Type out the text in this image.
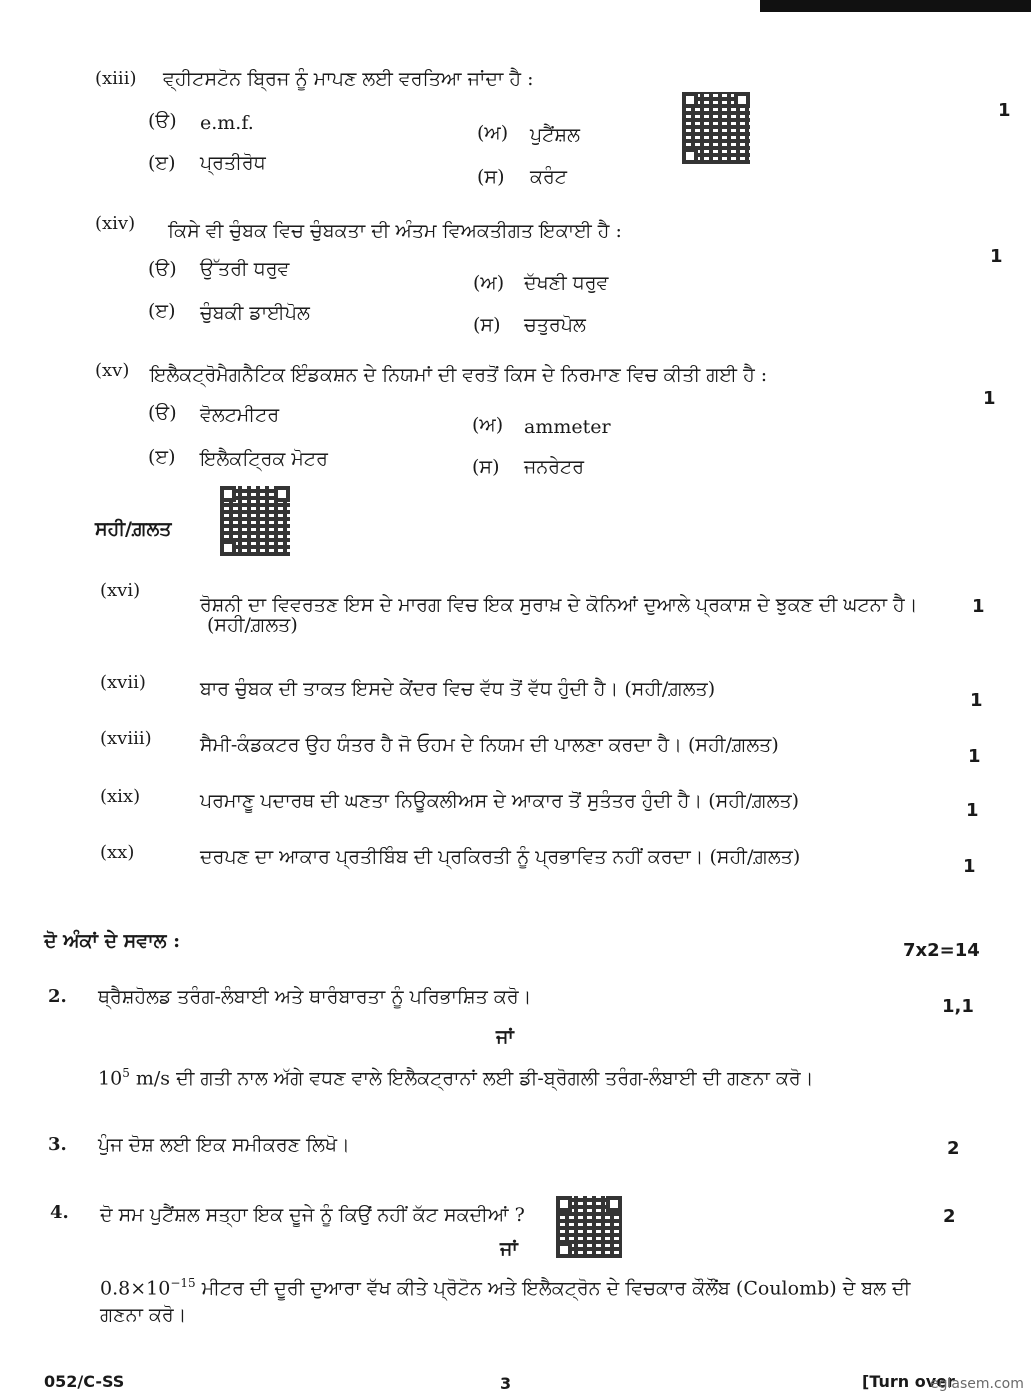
(xiii) ਵ੍ਹੀਟਸਟੋਨ ਬ੍ਰਿਜ ਨੂੰ ਮਾਪਣ ਲਈ ਵਰਤਿਆ ਜਾਂਦਾ ਹੈ :
1
(ੳ) e.m.f.	(ਅ) ਪੁਟੈਂਸ਼ਲ
(ੲ) ਪ੍ਰਤੀਰੋਧ
(ਸ) ਕਰੰਟ
(xiv) ਕਿਸੇ ਵੀ ਚੁੰਬਕ ਵਿਚ ਚੁੰਬਕਤਾ ਦੀ ਅੰਤਮ ਵਿਅਕਤੀਗਤ ਇਕਾਈ ਹੈ :
1
(ੳ) ਉੱਤਰੀ ਧਰੁਵ
(ਅ) ਦੱਖਣੀ ਧਰੁਵ
(ੲ) ਚੁੰਬਕੀ ਡਾਈਪੋਲ
(ਸ) ਚਤੁਰਪੋਲ
(xv) ਇਲੈਕਟ੍ਰੋਮੈਗਨੈਟਿਕ ਇੰਡਕਸ਼ਨ ਦੇ ਨਿਯਮਾਂ ਦੀ ਵਰਤੋਂ ਕਿਸ ਦੇ ਨਿਰਮਾਣ ਵਿਚ ਕੀਤੀ ਗਈ ਹੈ :
1
(ੳ) ਵੋਲਟਮੀਟਰ	(ਅ) ammeter
(ੲ) ਇਲੈਕਟ੍ਰਿਕ ਮੋਟਰ	(ਸ) ਜਨਰੇਟਰ
ਸਹੀ/ਗ਼ਲਤ
(xvi)
ਰੋਸ਼ਨੀ ਦਾ ਵਿਵਰਤਣ ਇਸ ਦੇ ਮਾਰਗ ਵਿਚ ਇਕ ਸੁਰਾਖ਼ ਦੇ ਕੋਨਿਆਂ ਦੁਆਲੇ ਪ੍ਰਕਾਸ਼ ਦੇ ਝੁਕਣ ਦੀ ਘਟਨਾ ਹੈ।
(ਸਹੀ/ਗ਼ਲਤ)
1
(xvii)	ਬਾਰ ਚੁੰਬਕ ਦੀ ਤਾਕਤ ਇਸਦੇ ਕੇਂਦਰ ਵਿਚ ਵੱਧ ਤੋਂ ਵੱਧ ਹੁੰਦੀ ਹੈ। (ਸਹੀ/ਗ਼ਲਤ)
1
(xviii)	ਸੈਮੀ-ਕੰਡਕਟਰ ਉਹ ਯੰਤਰ ਹੈ ਜੋ ਓਹਮ ਦੇ ਨਿਯਮ ਦੀ ਪਾਲਣਾ ਕਰਦਾ ਹੈ। (ਸਹੀ/ਗ਼ਲਤ)
1
(xix)	ਪਰਮਾਣੂ ਪਦਾਰਥ ਦੀ ਘਣਤਾ ਨਿਊਕਲੀਅਸ ਦੇ ਆਕਾਰ ਤੋਂ ਸੁਤੰਤਰ ਹੁੰਦੀ ਹੈ। (ਸਹੀ/ਗ਼ਲਤ)	1
(xx)	ਦਰਪਣ ਦਾ ਆਕਾਰ ਪ੍ਰਤੀਬਿੰਬ ਦੀ ਪ੍ਰਕਿਰਤੀ ਨੂੰ ਪ੍ਰਭਾਵਿਤ ਨਹੀਂ ਕਰਦਾ। (ਸਹੀ/ਗ਼ਲਤ)	1
ਦੋ ਅੰਕਾਂ ਦੇ ਸਵਾਲ :	7x2=14
2. ਥ੍ਰੈਸ਼ਹੋਲਡ ਤਰੰਗ-ਲੰਬਾਈ ਅਤੇ ਥਾਰੰਬਾਰਤਾ ਨੂੰ ਪਰਿਭਾਸ਼ਿਤ ਕਰੋ।	1,1
ਜਾਂ
$10^5$ m/s ਦੀ ਗਤੀ ਨਾਲ ਅੱਗੇ ਵਧਣ ਵਾਲੇ ਇਲੈਕਟ੍ਰਾਨਾਂ ਲਈ ਡੀ-ਬ੍ਰੋਗਲੀ ਤਰੰਗ-ਲੰਬਾਈ ਦੀ ਗਣਨਾ ਕਰੋ।
3. ਪੁੰਜ ਦੋਸ਼ ਲਈ ਇਕ ਸਮੀਕਰਣ ਲਿਖੋ।	2
4. ਦੋ ਸਮ ਪੁਟੈਂਸ਼ਲ ਸਤ੍ਹਾ ਇਕ ਦੂਜੇ ਨੂੰ ਕਿਉਂ ਨਹੀਂ ਕੱਟ ਸਕਦੀਆਂ ?	2
ਜਾਂ
$0.8\times 10^{-15}$ ਮੀਟਰ ਦੀ ਦੂਰੀ ਦੁਆਰਾ ਵੱਖ ਕੀਤੇ ਪ੍ਰੋਟੋਨ ਅਤੇ ਇਲੈਕਟ੍ਰੋਨ ਦੇ ਵਿਚਕਾਰ ਕੌਲੌਂਬ (Coulomb) ਦੇ ਬਲ ਦੀ
ਗਣਨਾ ਕਰੋ।
052/C-SS	3	[Turn over
eglasem.com
